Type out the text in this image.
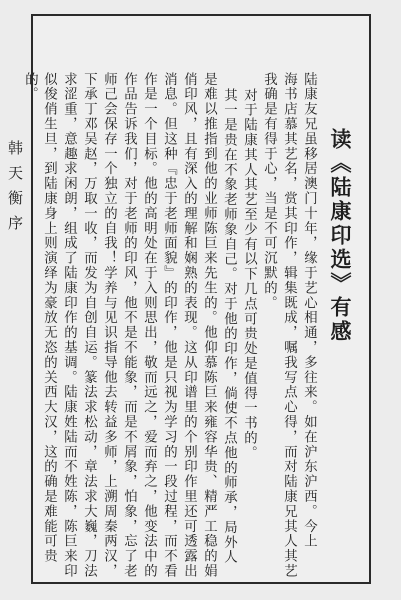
读《陆康印选》有感
陆康友兄虽移居澳门十年，缘于艺心相通，多往来。如在沪东沪西。今上
海书店慕其艺名，赏其印作，辑集既成，嘱我写点心得，而对陆康兄其人其艺
我确是有得于心，当是不可沉默的。
对于陆康其人其艺至少有以下几点可贵处是值得一书的。
其一是贵在不象老师象自己。对于他的印作，倘使不点他的师承，局外人
是难以推指到他的业师陈巨来先生的。他仰慕陈巨来雍容华贵、精严工稳的娟
俏印风，且有深入的理解和娴熟的表现。这从印谱里的个别印作里还可透露出
消息。但这种『忠于老师面貌』的印作，他是只视为学习的一段过程，而不看
作是一个目标。他的高明处在于入则思出，敬而远之，爱而弃之，他变法中的
作品告诉我们，对于老师的印风，他不是不能象，而是不屑象，怕象，忘了老
师己会保存一个独立的自我！学养与见识指导他去转益多师，上溯周秦两汉，
下承丁邓吴赵，万取一收，而发为自创自运。篆法求松动，章法求大巍，刀法
求涩重，意趣求闲朗，组成了陆康印作的基调。陆康姓陆而不姓陈，陈巨来印
似俊俏生旦，到陆康身上则演绎为豪放无恣的关西大汉，这的确是难能可贵
的。
韩天衡序
